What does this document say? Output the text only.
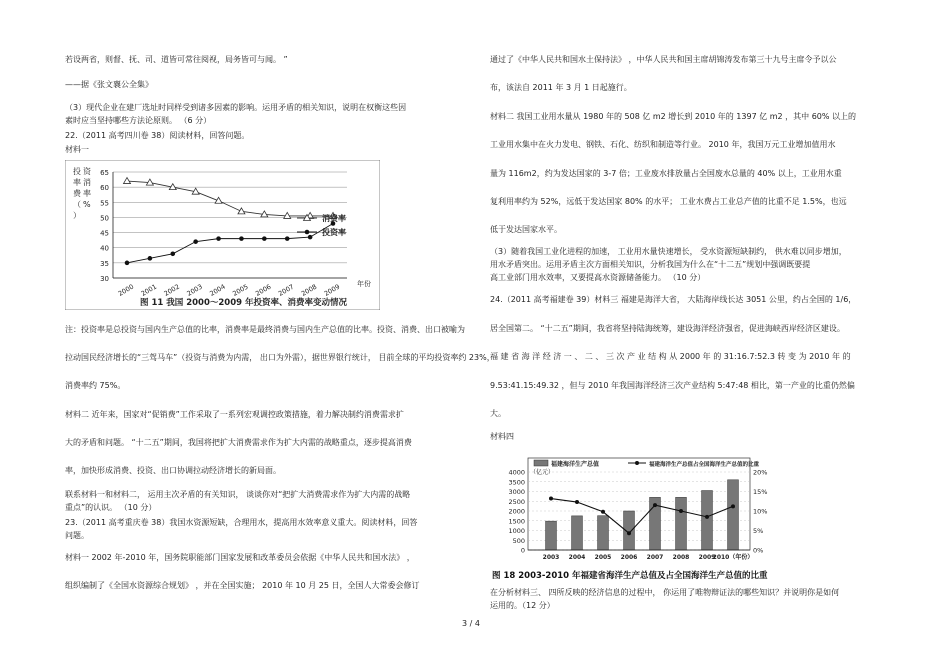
若设两省，则督、抚、司、道皆可常往阅视，局务皆可与闻。 ”
——据《张文襄公全集》
（3）现代企业在建厂选址时同样受到诸多因素的影响。运用矛盾的相关知识，说明在权衡这些因
素时应当坚持哪些方法论原则。 （6 分）
22.（2011 高考四川卷 38）阅读材料，回答问题。
材料一
投 资
率 消
费 率
（ %
）
30
35
40
45
50
55
60
65
2000 2001 2002 2003 2004 2005 2006 2007 2008 2009 年份
消费率
投资率
图 11 我国 2000～2009 年投资率、消费率变动情况
注：投资率是总投资与国内生产总值的比率，消费率是最终消费与国内生产总值的比率。投资、消费、出口被喻为
拉动国民经济增长的“三驾马车”（投资与消费为内需， 出口为外需），据世界银行统计， 目前全球的平均投资率约 23%，
消费率约 75%。
材料二 近年来，国家对“促销费”工作采取了一系列宏观调控政策措施，着力解决制约消费需求扩
大的矛盾和问题。 “十二五”期间，我国将把扩大消费需求作为扩大内需的战略重点，逐步提高消费
率，加快形成消费、投资、出口协调拉动经济增长的新局面。
联系材料一和材料二， 运用主次矛盾的有关知识， 谈谈你对“把扩大消费需求作为扩大内需的战略
重点”的认识。 （10 分）
23.（2011 高考重庆卷 38）我国水资源短缺，合理用水，提高用水效率意义重大。阅读材料，回答
问题。
材料一 2002 年-2010 年，国务院职能部门国家发展和改革委员会依据《中华人民共和国水法》 ，
组织编制了《全国水资源综合规划》 ，并在全国实施； 2010 年 10 月 25 日，全国人大常委会修订
通过了《中华人民共和国水土保持法》 ，中华人民共和国主席胡锦涛发布第三十九号主席令予以公
布，该法自 2011 年 3 月 1 日起施行。
材料二 我国工业用水量从 1980 年的 508 亿 m2 增长到 2010 年的 1397 亿 m2 ，其中 60% 以上的
工业用水集中在火力发电、钢铁、石化、纺织和制造等行业。 2010 年，我国万元工业增加值用水
量为 116m2，约为发达国家的 3-7 倍；工业废水排放量占全国废水总量的 40% 以上，工业用水重
复利用率约为 52%，远低于发达国家 80% 的水平； 工业水费占工业总产值的比重不足 1.5%，也远
低于发达国家水平。
（3）随着我国工业化进程的加速， 工业用水量快速增长， 受水资源短缺制约， 供水难以同步增加，
用水矛盾突出。运用矛盾主次方面相关知识，分析我国为什么在“十二五”规划中强调既要提
高工业部门用水效率，又要提高水资源储备能力。 （10 分）
24.（2011 高考福建卷 39）材料三 福建是海洋大省， 大陆海岸线长达 3051 公里，约占全国的 1/6，
居全国第二。 “十二五”期间，我省将坚持陆海统筹，建设海洋经济强省，促进海峡西岸经济区建设。
福 建 省 海 洋 经 济 一 、 二 、 三 次 产 业 结 构 从 2000 年 的 31:16.7:52.3 转 变 为 2010 年 的
9.53:41.15:49.32 ，但与 2010 年我国海洋经济三次产业结构 5:47:48 相比，第一产业的比重仍然偏
大。
材料四
0
500
1000
1500
2000
2500
3000
3500
4000
0%
5%
10%
15%
20%
2003 2004 2005 2006 2007 2008 2009
2010（年份）
福建海洋生产总值
（亿元）
福建海洋生产总值占全国海洋生产总值的比重
图 18 2003-2010 年福建省海洋生产总值及占全国海洋生产总值的比重
在分析材料三、 四所反映的经济信息的过程中， 你运用了唯物辩证法的哪些知识？并说明你是如何
运用的。（12 分）
3 / 4
